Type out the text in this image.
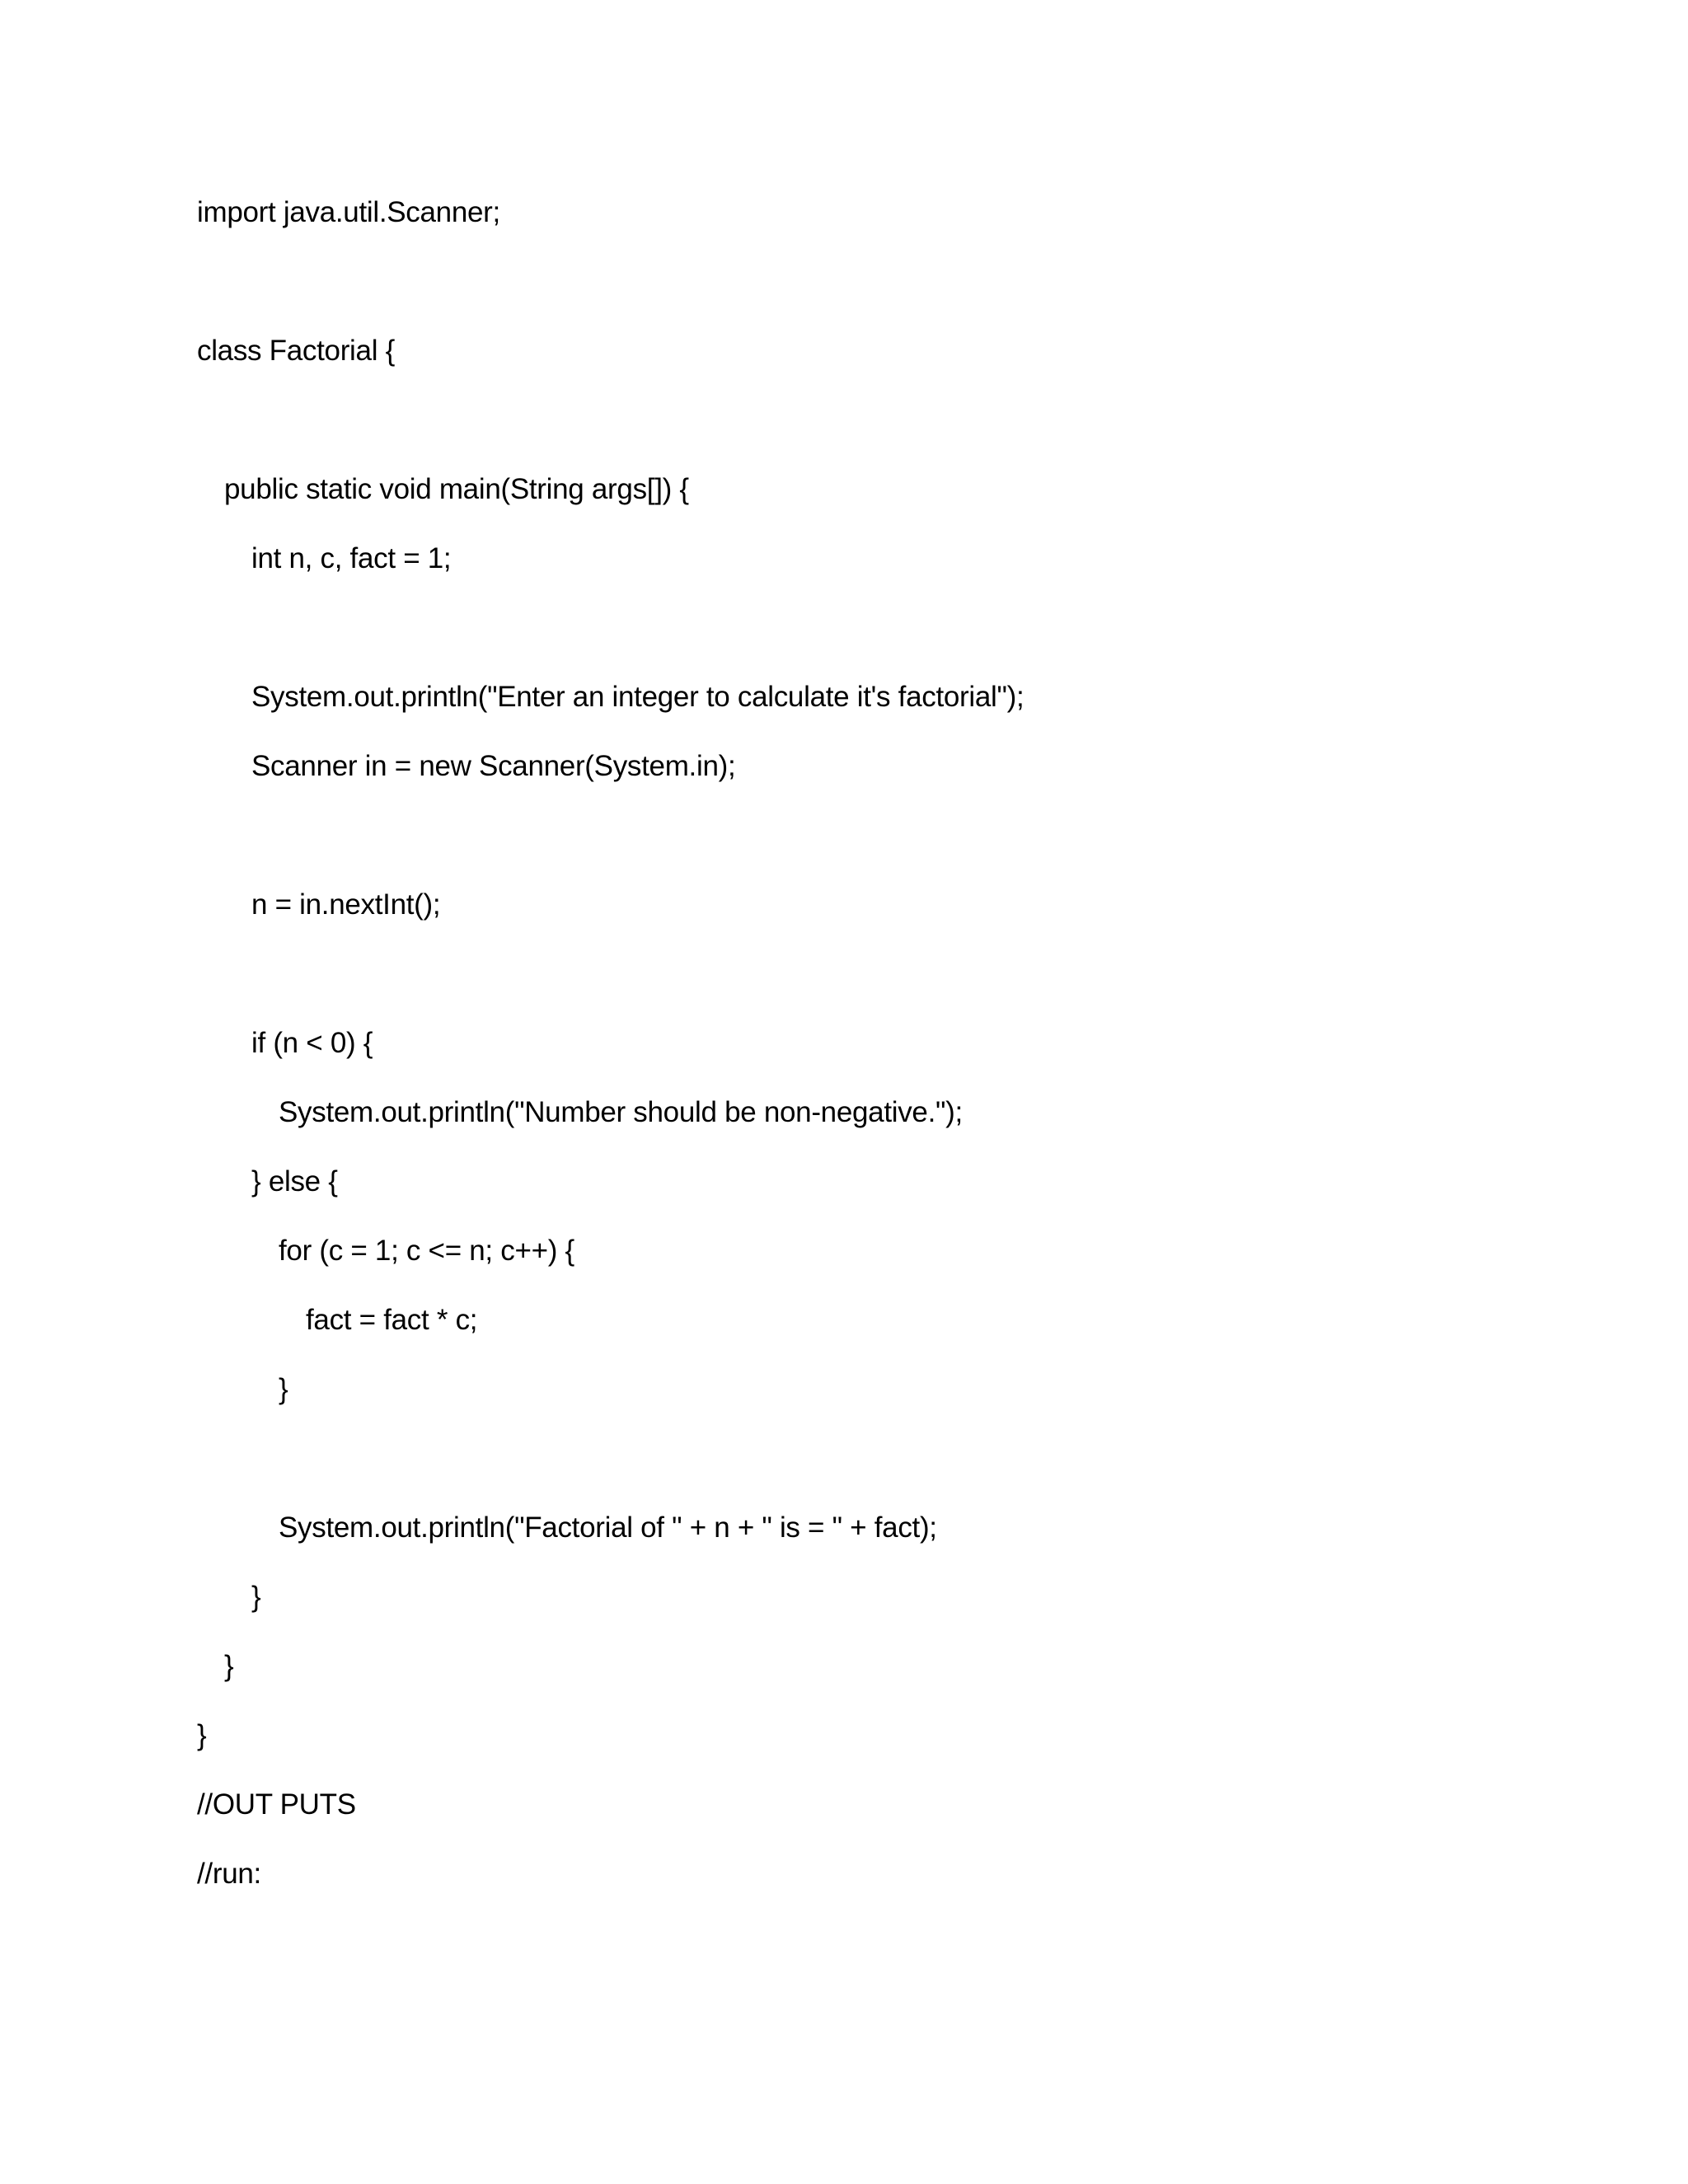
import java.util.Scanner;
class Factorial {
public static void main(String args[]) {
int n, c, fact = 1;
System.out.println("Enter an integer to calculate it's factorial");
Scanner in = new Scanner(System.in);
n = in.nextInt();
if (n < 0) {
System.out.println("Number should be non-negative.");
} else {
for (c = 1; c <= n; c++) {
fact = fact * c;
}
System.out.println("Factorial of " + n + " is = " + fact);
}
}
}
//OUT PUTS
//run:
